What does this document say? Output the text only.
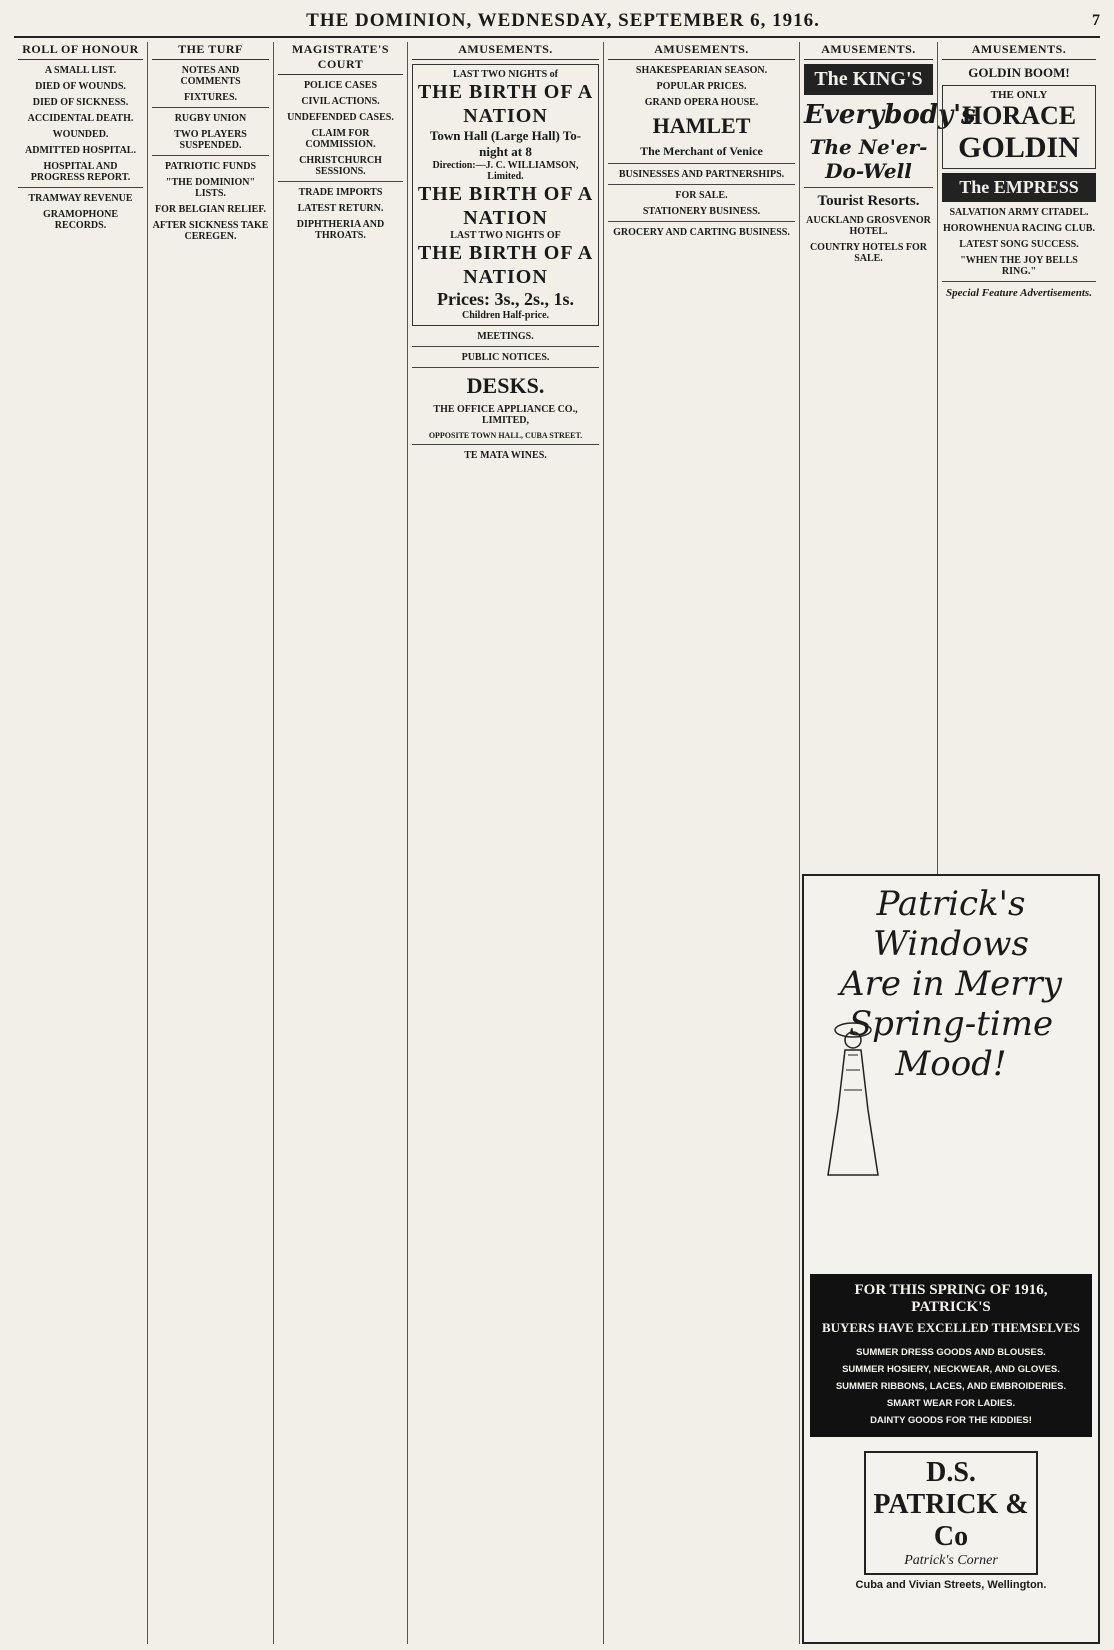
THE DOMINION, WEDNESDAY, SEPTEMBER 6, 1916.	7
ROLL OF HONOUR
A SMALL LIST.
DIED OF WOUNDS.
DIED OF SICKNESS.
ACCIDENTAL DEATH.
WOUNDED.
ADMITTED HOSPITAL.
HOSPITAL AND PROGRESS REPORT.
TRAMWAY REVENUE
GRAMOPHONE RECORDS.
THE TURF
NOTES AND COMMENTS
FIXTURES.
RUGBY UNION
TWO PLAYERS SUSPENDED.
PATRIOTIC FUNDS
"THE DOMINION" LISTS.
FOR BELGIAN RELIEF.
AFTER SICKNESS TAKE CEREGEN.
MAGISTRATE'S COURT
POLICE CASES
CIVIL ACTIONS.
UNDEFENDED CASES.
CLAIM FOR COMMISSION.
CHRISTCHURCH SESSIONS.
TRADE IMPORTS
LATEST RETURN.
DIPHTHERIA AND THROATS.
AMUSEMENTS.
LAST TWO NIGHTS of
THE BIRTH OF A NATION
Town Hall (Large Hall) To-night at 8
Direction:—J. C. WILLIAMSON, Limited.
THE BIRTH OF A NATION
LAST TWO NIGHTS OF
THE BIRTH OF A NATION
Prices: 3s., 2s., 1s.
Children Half-price.
MEETINGS.
PUBLIC NOTICES.
DESKS.
THE OFFICE APPLIANCE CO., LIMITED,
OPPOSITE TOWN HALL, CUBA STREET.
TE MATA WINES.
AMUSEMENTS.
SHAKESPEARIAN SEASON.
POPULAR PRICES.
GRAND OPERA HOUSE.
HAMLET
The Merchant of Venice
BUSINESSES AND PARTNERSHIPS.
FOR SALE.
STATIONERY BUSINESS.
GROCERY AND CARTING BUSINESS.
AMUSEMENTS.
The KING'S
Everybody's
The Ne'er-Do-Well
Tourist Resorts.
AUCKLAND GROSVENOR HOTEL.
COUNTRY HOTELS FOR SALE.
AMUSEMENTS.
GOLDIN BOOM!
THE ONLY
HORACE
GOLDIN
The EMPRESS
SALVATION ARMY CITADEL.
HOROWHENUA RACING CLUB.
LATEST SONG SUCCESS.
"WHEN THE JOY BELLS RING."
Special Feature Advertisements.
Patrick's Windows
Are in Merry
Spring-time Mood!
FOR THIS SPRING OF 1916, PATRICK'S
BUYERS HAVE EXCELLED THEMSELVES
SUMMER DRESS GOODS AND BLOUSES.
SUMMER HOSIERY, NECKWEAR, AND GLOVES.
SUMMER RIBBONS, LACES, AND EMBROIDERIES.
SMART WEAR FOR LADIES.
DAINTY GOODS FOR THE KIDDIES!
D.S. PATRICK & Co
Patrick's Corner
Cuba and Vivian Streets, Wellington.
